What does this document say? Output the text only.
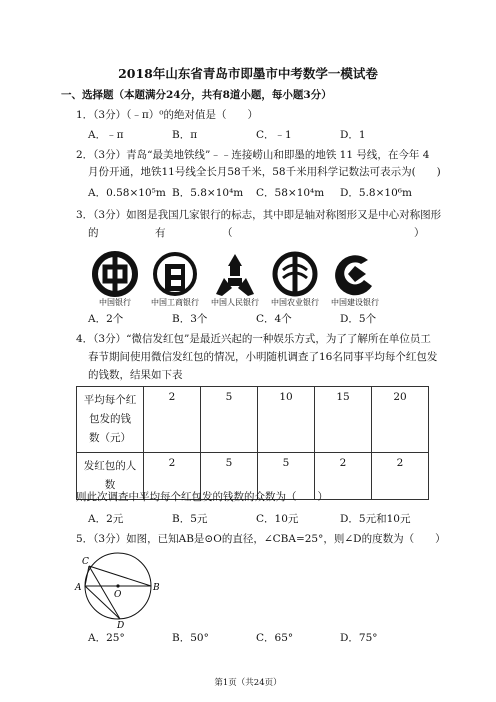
2018年山东省青岛市即墨市中考数学一模试卷
一、选择题（本题满分24分，共有8道小题，每小题3分）
1．（3分）（﹣π）⁰的绝对值是（　　）
A．﹣π	B．π	C．﹣1	D．1
2．（3分）青岛“最美地铁线”﹣﹣连接崂山和即墨的地铁 11 号线，在今年 4
月份开通，地铁11号线全长月58千米，58千米用科学记数法可表示为(　　)
A．0.58×10⁵m B．5.8×10⁴m C．58×10⁴m D．5.8×10⁶m
3．（3分）如图是我国几家银行的标志，其中即是轴对称图形又是中心对称图形
的	有	（	）
中国银行	中国工商银行	中国人民银行	中国农业银行	中国建设银行
A．2个	B．3个	C．4个	D．5个
4．（3分）“微信发红包”是最近兴起的一种娱乐方式，为了了解所在单位员工
春节期间使用微信发红包的情况，小明随机调查了16名同事平均每个红包发
的钱数，结果如下表
平均每个红
包发的钱
数（元）	2	5	10	15	20

发红包的人
数	2	5	5	2	2
则此次调查中平均每个红包发的钱数的众数为（　　）
A．2元	B．5元	C．10元	D．5元和10元
5．（3分）如图，已知AB是⊙O的直径，∠CBA=25°，则∠D的度数为（　　）
C
A	B
O
D
A．25°	B．50°	C．65°	D．75°
第1页（共24页）
